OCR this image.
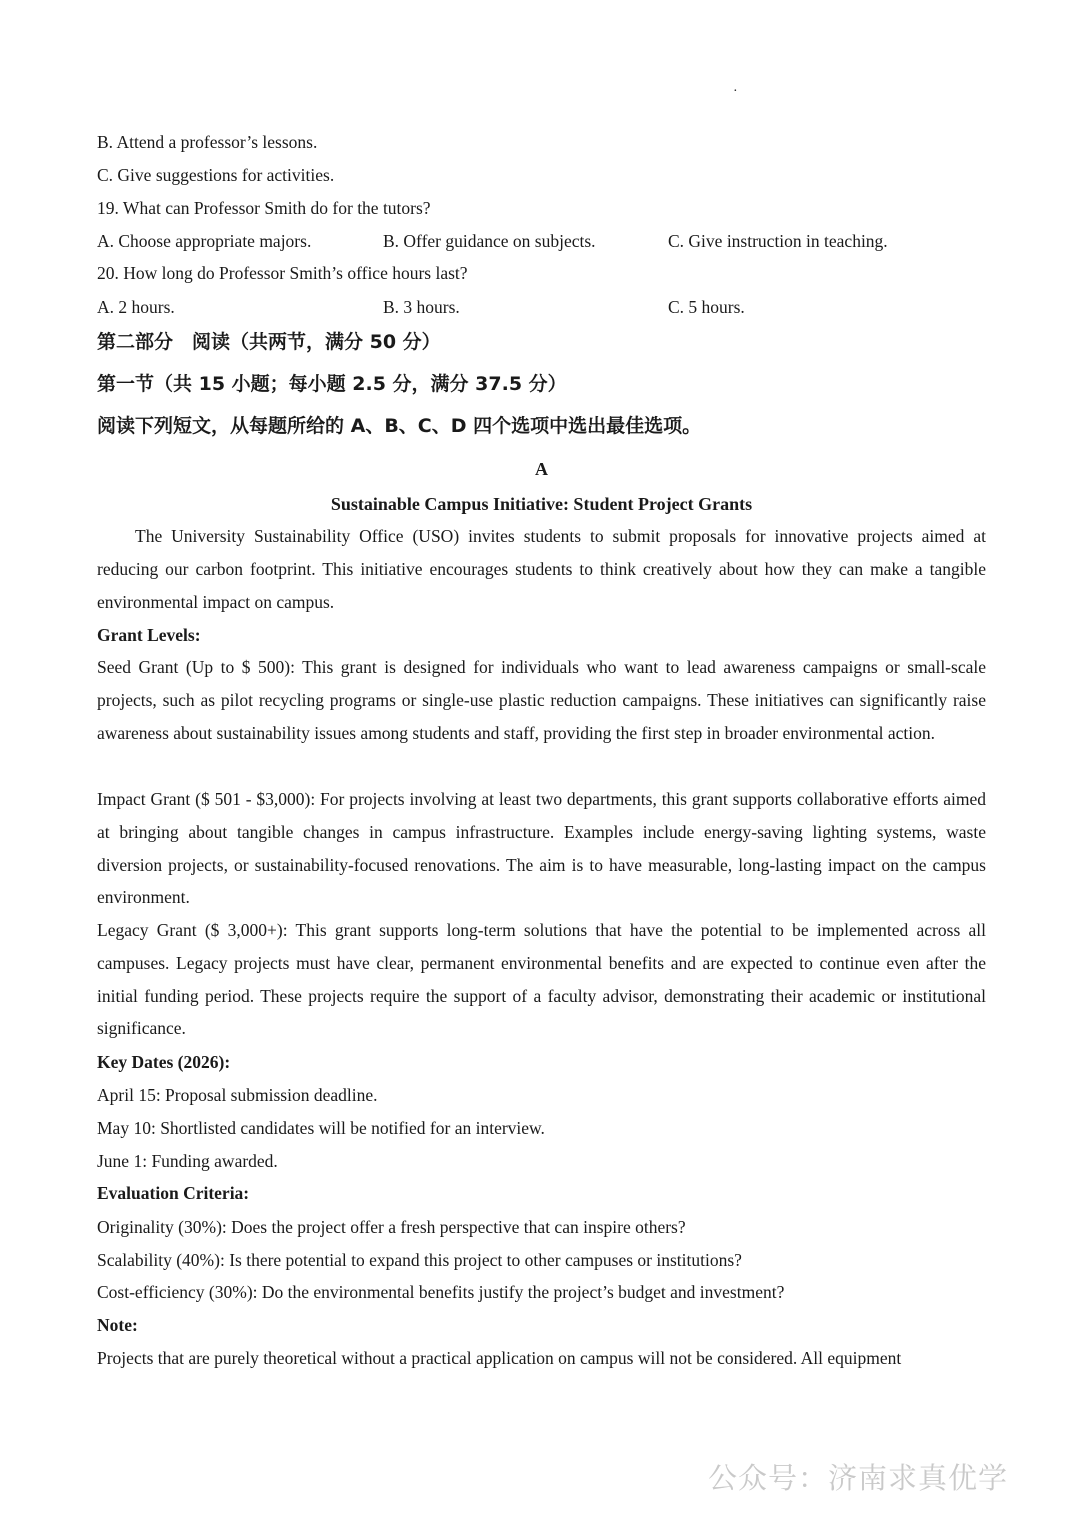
·
B. Attend a professor’s lessons.
C. Give suggestions for activities.
19. What can Professor Smith do for the tutors?
A. Choose appropriate majors.	B. Offer guidance on subjects.	C. Give instruction in teaching.
20. How long do Professor Smith’s office hours last?
A. 2 hours.	B. 3 hours.	C. 5 hours.
第二部分　阅读（共两节，满分 50 分）
第一节（共 15 小题；每小题 2.5 分，满分 37.5 分）
阅读下列短文，从每题所给的 A、B、C、D 四个选项中选出最佳选项。
A
Sustainable Campus Initiative: Student Project Grants
The University Sustainability Office (USO) invites students to submit proposals for innovative projects aimed at reducing our carbon footprint. This initiative encourages students to think creatively about how they can make a tangible environmental impact on campus.
Grant Levels:
Seed Grant (Up to $ 500): This grant is designed for individuals who want to lead awareness campaigns or small-scale projects, such as pilot recycling programs or single-use plastic reduction campaigns. These initiatives can significantly raise awareness about sustainability issues among students and staff, providing the first step in broader environmental action.
Impact Grant ($ 501 - $3,000): For projects involving at least two departments, this grant supports collaborative efforts aimed at bringing about tangible changes in campus infrastructure. Examples include energy-saving lighting systems, waste diversion projects, or sustainability-focused renovations. The aim is to have measurable, long-lasting impact on the campus environment.
Legacy Grant ($ 3,000+): This grant supports long-term solutions that have the potential to be implemented across all campuses. Legacy projects must have clear, permanent environmental benefits and are expected to continue even after the initial funding period. These projects require the support of a faculty advisor, demonstrating their academic or institutional significance.
Key Dates (2026):
April 15: Proposal submission deadline.
May 10: Shortlisted candidates will be notified for an interview.
June 1: Funding awarded.
Evaluation Criteria:
Originality (30%): Does the project offer a fresh perspective that can inspire others?
Scalability (40%): Is there potential to expand this project to other campuses or institutions?
Cost-efficiency (30%): Do the environmental benefits justify the project’s budget and investment?
Note:
Projects that are purely theoretical without a practical application on campus will not be considered. All equipment
公众号：济南求真优学
